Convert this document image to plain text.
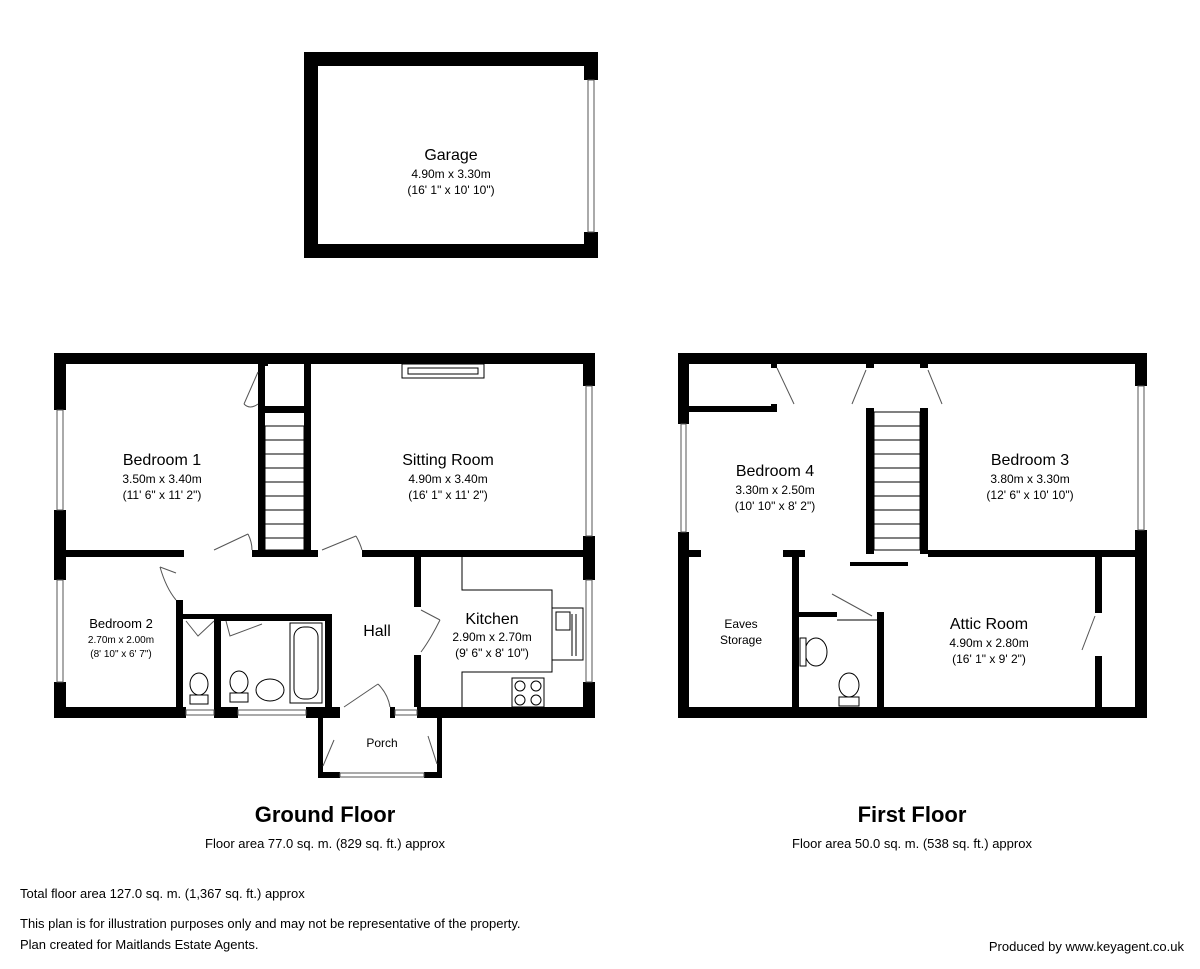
Garage
4.90m x 3.30m
(16' 1" x 10' 10")
Bedroom 1
3.50m x 3.40m
(11' 6" x 11' 2")
Sitting Room
4.90m x 3.40m
(16' 1" x 11' 2")
Bedroom 2
2.70m x 2.00m
(8' 10" x 6' 7")
Hall
Kitchen
2.90m x 2.70m
(9' 6" x 8' 10")
Porch
Ground Floor
Floor area 77.0 sq. m. (829 sq. ft.) approx
Bedroom 4
3.30m x 2.50m
(10' 10" x 8' 2")
Bedroom 3
3.80m x 3.30m
(12' 6" x 10' 10")
Eaves
Storage
Attic Room
4.90m x 2.80m
(16' 1" x 9' 2")
First Floor
Floor area 50.0 sq. m. (538 sq. ft.) approx
Total floor area 127.0 sq. m. (1,367 sq. ft.) approx
This plan is for illustration purposes only and may not be representative of the property.
Plan created for Maitlands Estate Agents.	Produced by www.keyagent.co.uk
